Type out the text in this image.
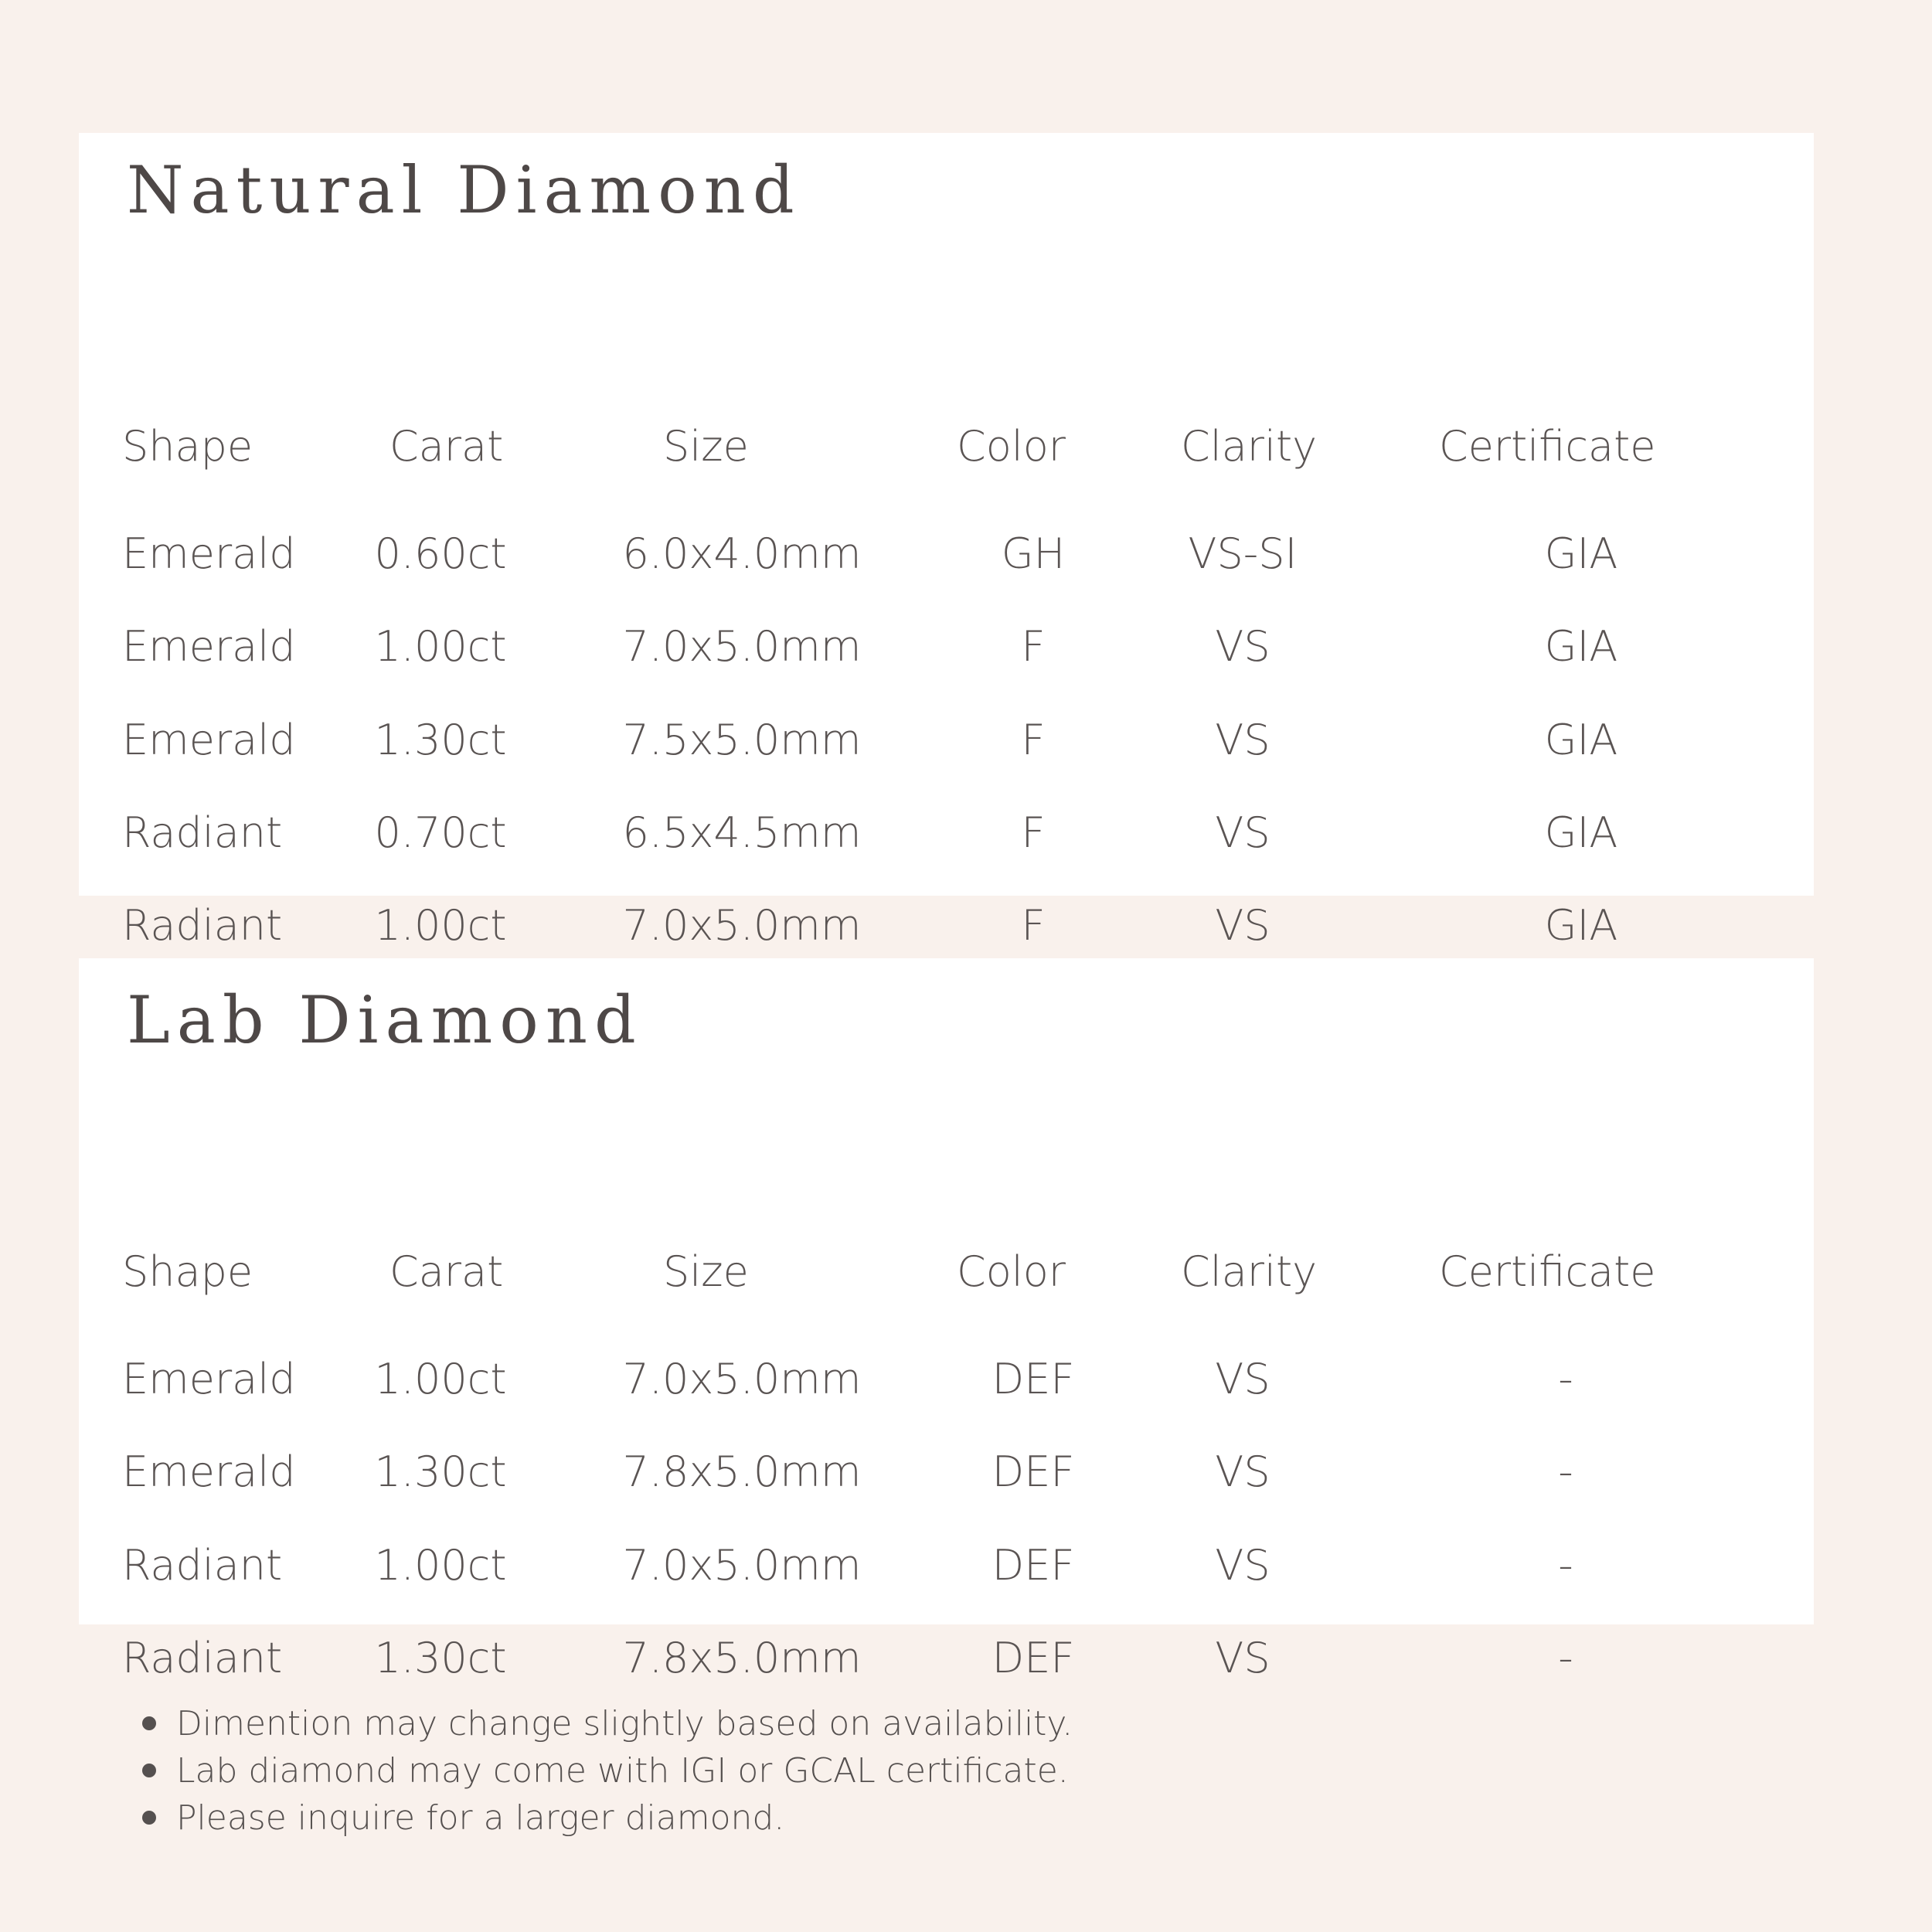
Natural Diamond
Shape	Carat	Size	Color	Clarity	Certificate
Emerald 0.60ct	6.0x4.0mm	GH	VS-SI	GIA
Emerald 1.00ct	7.0x5.0mm	F	VS	GIA
Emerald 1.30ct	7.5x5.0mm	F	VS	GIA
Radiant 0.70ct	6.5x4.5mm	F	VS	GIA
Radiant 1.00ct	7.0x5.0mm	F	VS	GIA
Lab Diamond
Shape	Carat	Size	Color	Clarity	Certificate
Emerald 1.00ct	7.0x5.0mm	DEF	VS	-
Emerald 1.30ct	7.8x5.0mm	DEF	VS	-
Radiant 1.00ct	7.0x5.0mm	DEF	VS	-
Radiant 1.30ct	7.8x5.0mm	DEF	VS	-
Dimention may change slightly based on availability.
Lab diamond may come with IGI or GCAL certificate.
Please inquire for a larger diamond.
